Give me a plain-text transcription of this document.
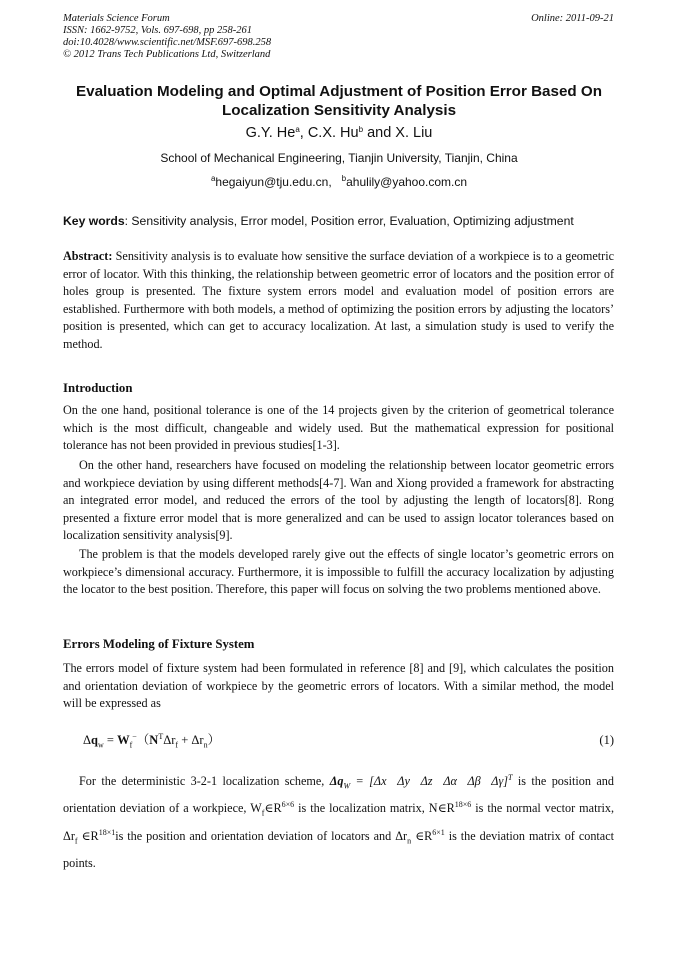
Materials Science Forum
ISSN: 1662-9752, Vols. 697-698, pp 258-261
doi:10.4028/www.scientific.net/MSF.697-698.258
© 2012 Trans Tech Publications Ltd, Switzerland
Online: 2011-09-21
Evaluation Modeling and Optimal Adjustment of Position Error Based On Localization Sensitivity Analysis
G.Y. He$^a$, C.X. Hu$^b$ and X. Liu
School of Mechanical Engineering, Tianjin University, Tianjin, China
$^a$hegaiyun@tju.edu.cn, $^b$ahulily@yahoo.com.cn
Key words: Sensitivity analysis, Error model, Position error, Evaluation, Optimizing adjustment
Abstract: Sensitivity analysis is to evaluate how sensitive the surface deviation of a workpiece is to a geometric error of locator. With this thinking, the relationship between geometric error of locators and the position error of holes group is presented. The fixture system errors model and evaluation model of position errors are established. Furthermore with both models, a method of optimizing the position errors by adjusting the locators’ position is presented, which can get to accuracy localization. At last, a simulation study is used to verify the method.
Introduction
On the one hand, positional tolerance is one of the 14 projects given by the criterion of geometrical tolerance which is the most difficult, changeable and widely used. But the mathematical expression for positional tolerance has not been provided in previous studies[1-3].
On the other hand, researchers have focused on modeling the relationship between locator geometric errors and workpiece deviation by using different methods[4-7]. Wan and Xiong provided a framework for abstracting an integrated error model, and reduced the errors of the tool by adjusting the length of locators[8]. Rong presented a fixture error model that is more generalized and can be used to assign locator tolerances based on localization sensitivity analysis[9].
The problem is that the models developed rarely give out the effects of single locator’s geometric errors on workpiece’s dimensional accuracy. Furthermore, it is impossible to fulfill the accuracy localization by adjusting the locator to the best position. Therefore, this paper will focus on solving the two problems mentioned above.
Errors Modeling of Fixture System
The errors model of fixture system had been formulated in reference [8] and [9], which calculates the position and orientation deviation of workpiece by the geometric errors of locators. With a similar method, the model will be expressed as
$\Delta q_w = W_f^-(N^T\Delta r_f + \Delta r_n)$	(1)
For the deterministic 3-2-1 localization scheme, $\Delta q_W = [\Delta x$  Δy  Δz  Δα  Δβ  Δγ]$^T$ is the position and orientation deviation of a workpiece, $W_f\in R^{6\times 6}$ is the localization matrix, $N\in R^{18\times 6}$ is the normal vector matrix, $\Delta r_f$ $\in R^{18\times 1}is$ the position and orientation deviation of locators and $\Delta r_n$ $\in R^{6\times 1}$ is the deviation matrix of contact points.
